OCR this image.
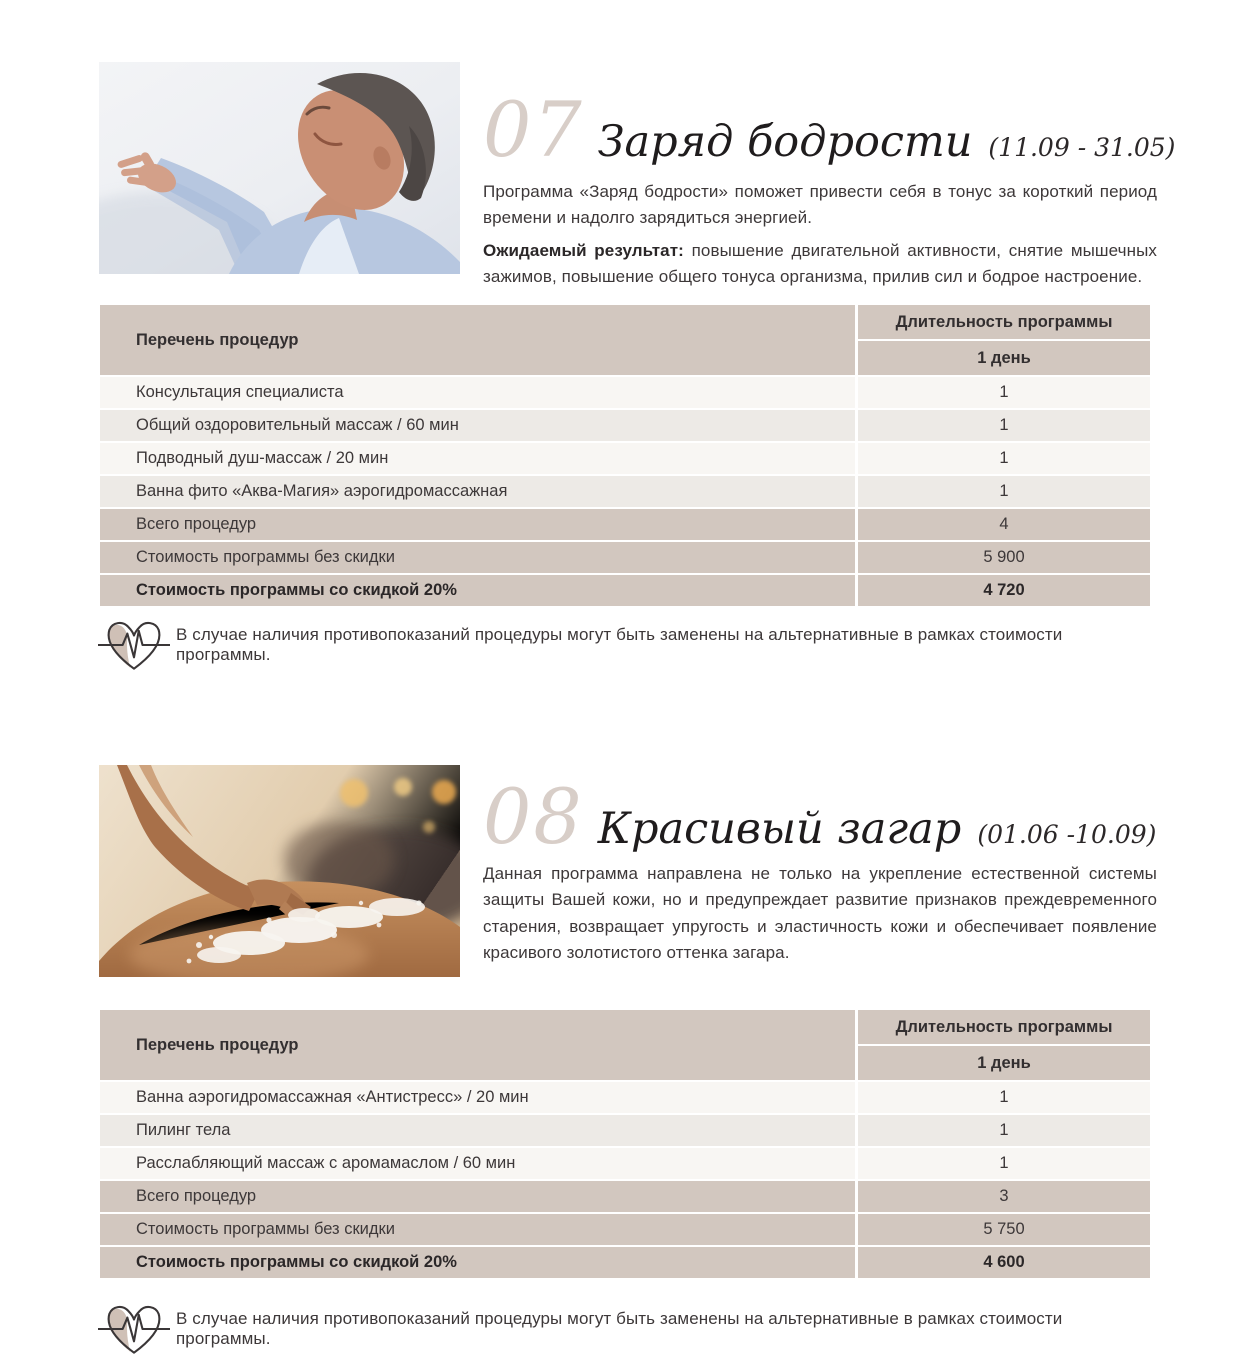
07 Заряд бодрости (11.09 - 31.05)
Программа «Заряд бодрости» поможет привести себя в тонус за короткий период времени и надолго зарядиться энергией.
Ожидаемый результат: повышение двигательной активности, снятие мышечных зажимов, повышение общего тонуса организма, прилив сил и бодрое настроение.
Перечень процедур
Длительность программы
1 день
Консультация специалиста	1
Общий оздоровительный массаж / 60 мин	1
Подводный душ-массаж / 20 мин	1
Ванна фито «Аква-Магия» аэрогидромассажная	1
Всего процедур	4
Стоимость программы без скидки	5 900
Стоимость программы со скидкой 20%	4 720
В случае наличия противопоказаний процедуры могут быть заменены на альтернативные в рамках стоимости программы.
08 Красивый загар (01.06 -10.09)
Данная программа направлена не только на укрепление естественной системы защиты Вашей кожи, но и предупреждает развитие признаков преждевременного старения, возвращает упругость и эластичность кожи и обеспечивает появление красивого золотистого оттенка загара.
Перечень процедур
Длительность программы
1 день
Ванна аэрогидромассажная «Антистресс» / 20 мин	1
Пилинг тела	1
Расслабляющий массаж с аромамаслом / 60 мин	1
Всего процедур	3
Стоимость программы без скидки	5 750
Стоимость программы со скидкой 20%	4 600
В случае наличия противопоказаний процедуры могут быть заменены на альтернативные в рамках стоимости программы.
